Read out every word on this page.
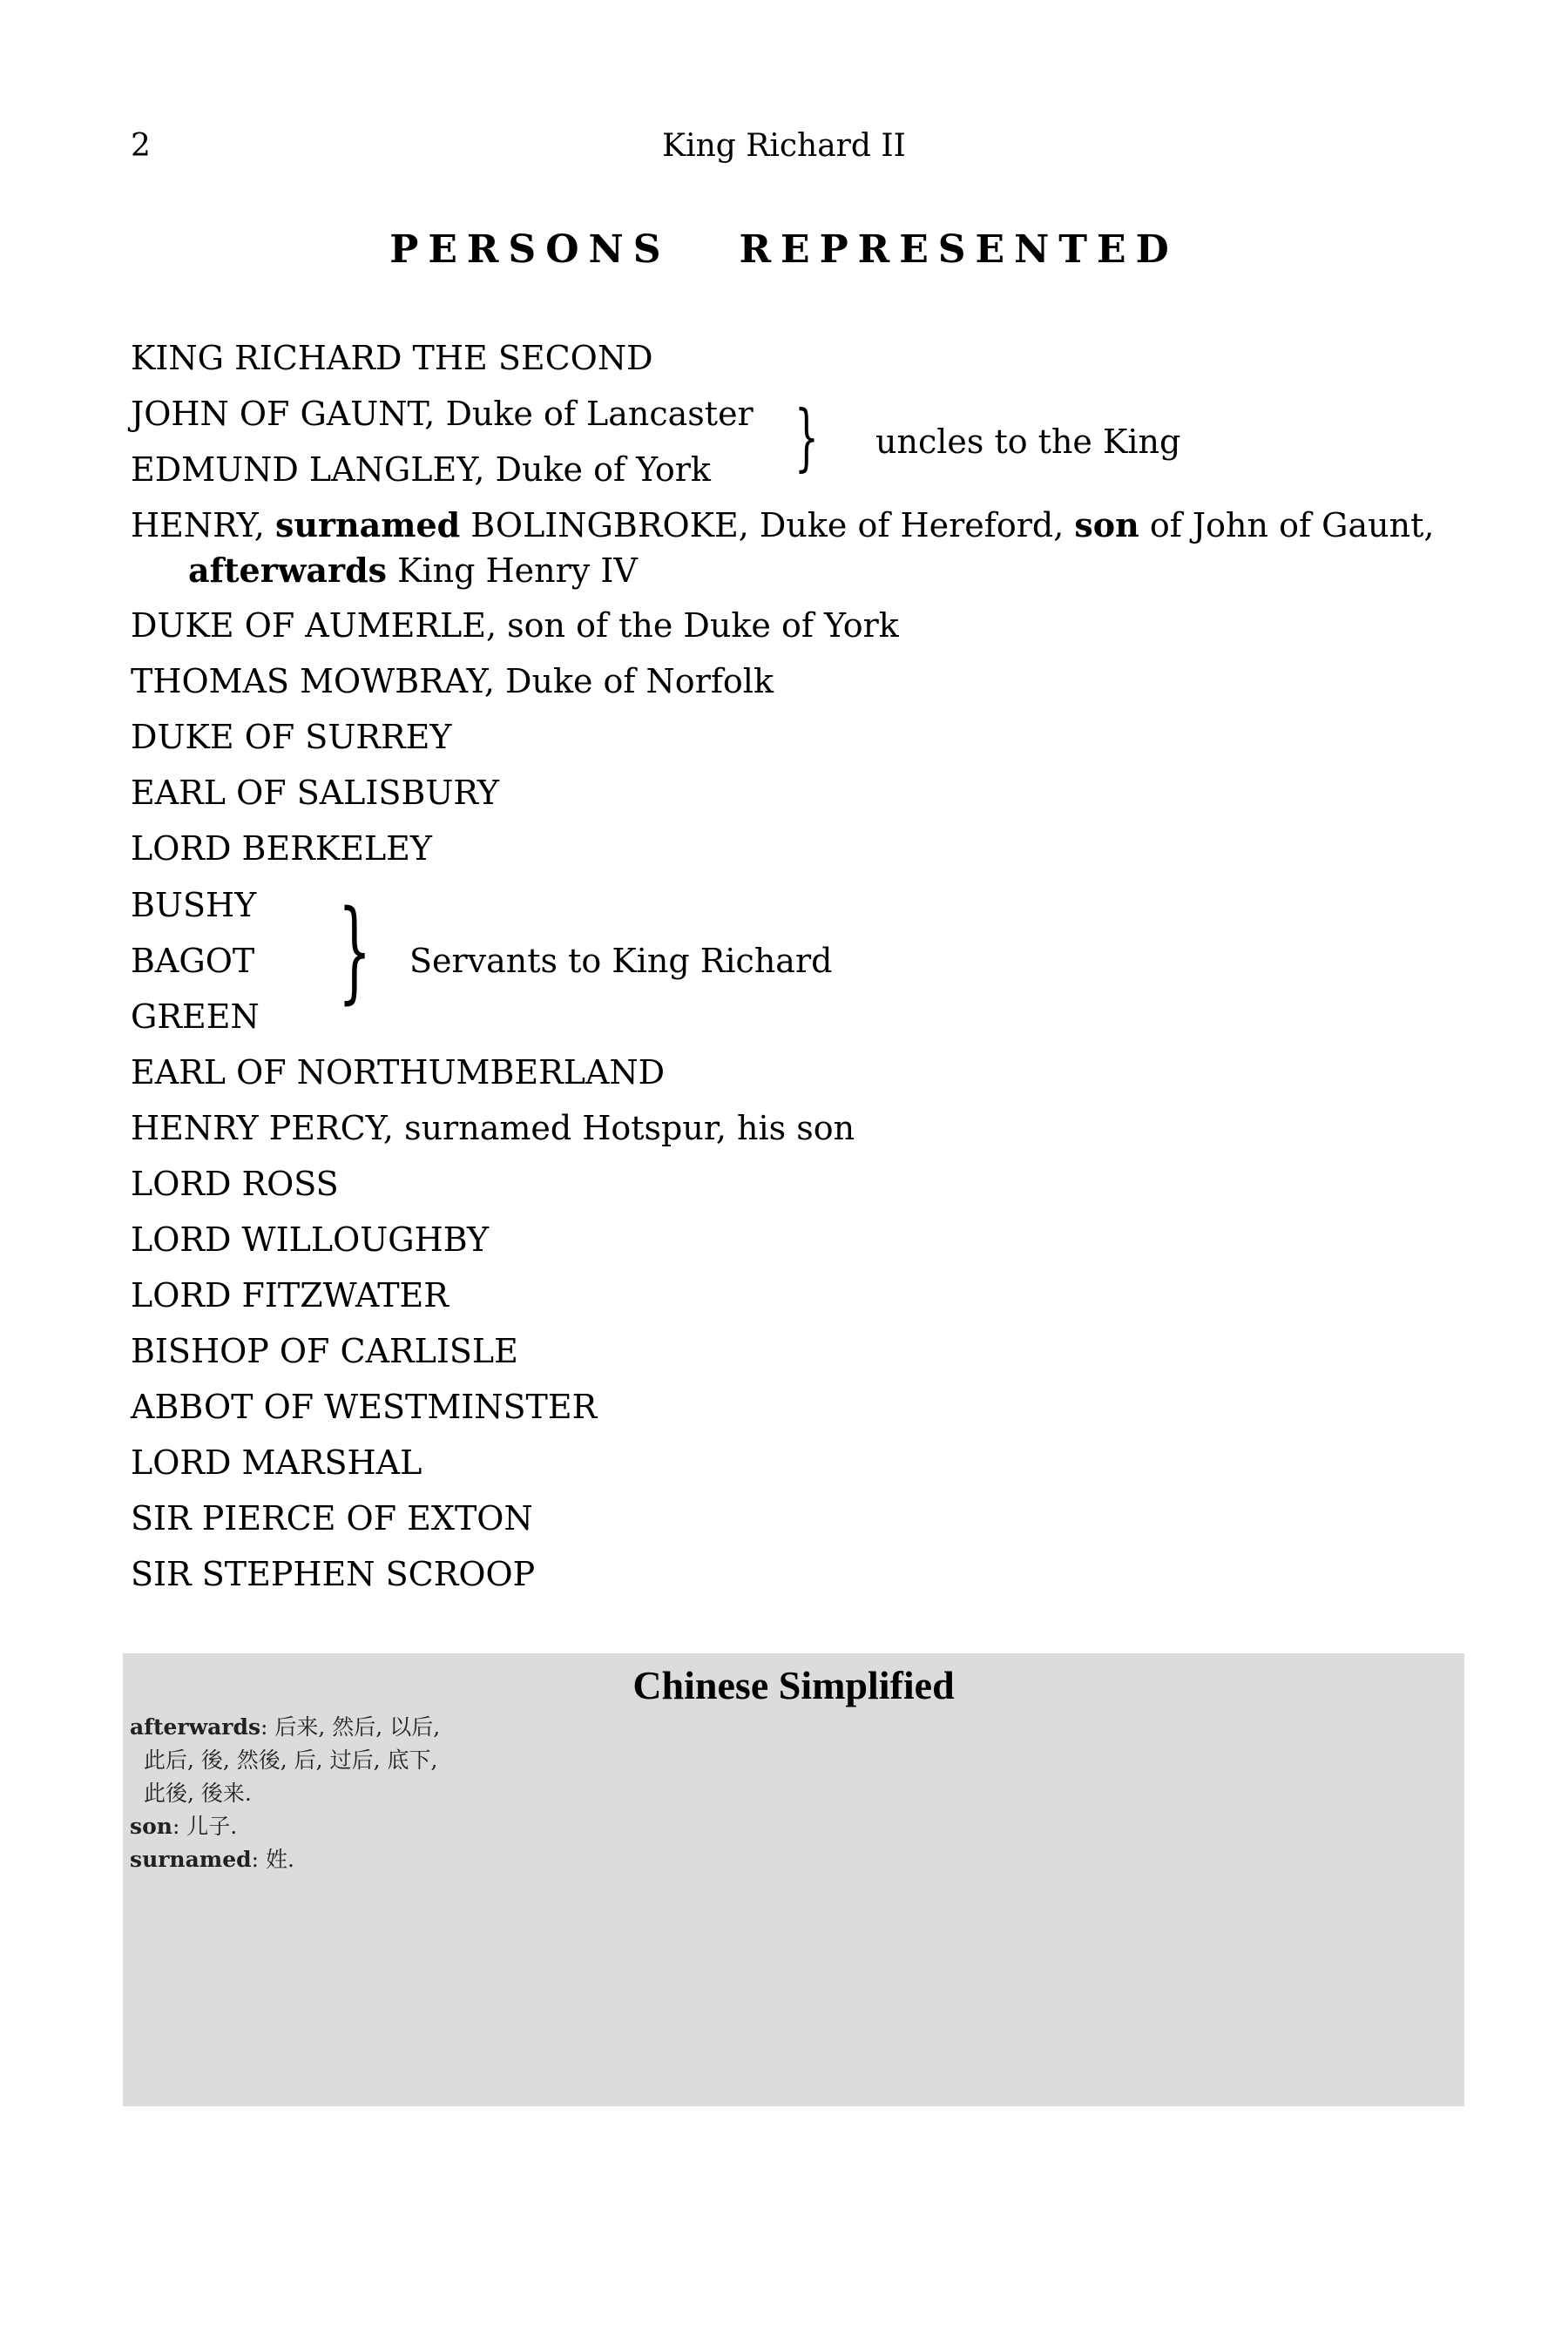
2	King Richard II
PERSONS   REPRESENTED
KING RICHARD THE SECOND
JOHN OF GAUNT, Duke of Lancaster
EDMUND LANGLEY, Duke of York } uncles to the King
HENRY, surnamed BOLINGBROKE, Duke of Hereford, son of John of Gaunt,
afterwards King Henry IV
DUKE OF AUMERLE, son of the Duke of York
THOMAS MOWBRAY, Duke of Norfolk
DUKE OF SURREY
EARL OF SALISBURY
LORD BERKELEY
BUSHY
BAGOT
GREEN
} Servants to King Richard
EARL OF NORTHUMBERLAND
HENRY PERCY, surnamed Hotspur, his son
LORD ROSS
LORD WILLOUGHBY
LORD FITZWATER
BISHOP OF CARLISLE
ABBOT OF WESTMINSTER
LORD MARSHAL
SIR PIERCE OF EXTON
SIR STEPHEN SCROOP
Chinese Simplified
afterwards: 后来, 然后, 以后,
此后, 後, 然後, 后, 过后, 底下,
此後, 後来.
son: 儿子.
surnamed: 姓.
